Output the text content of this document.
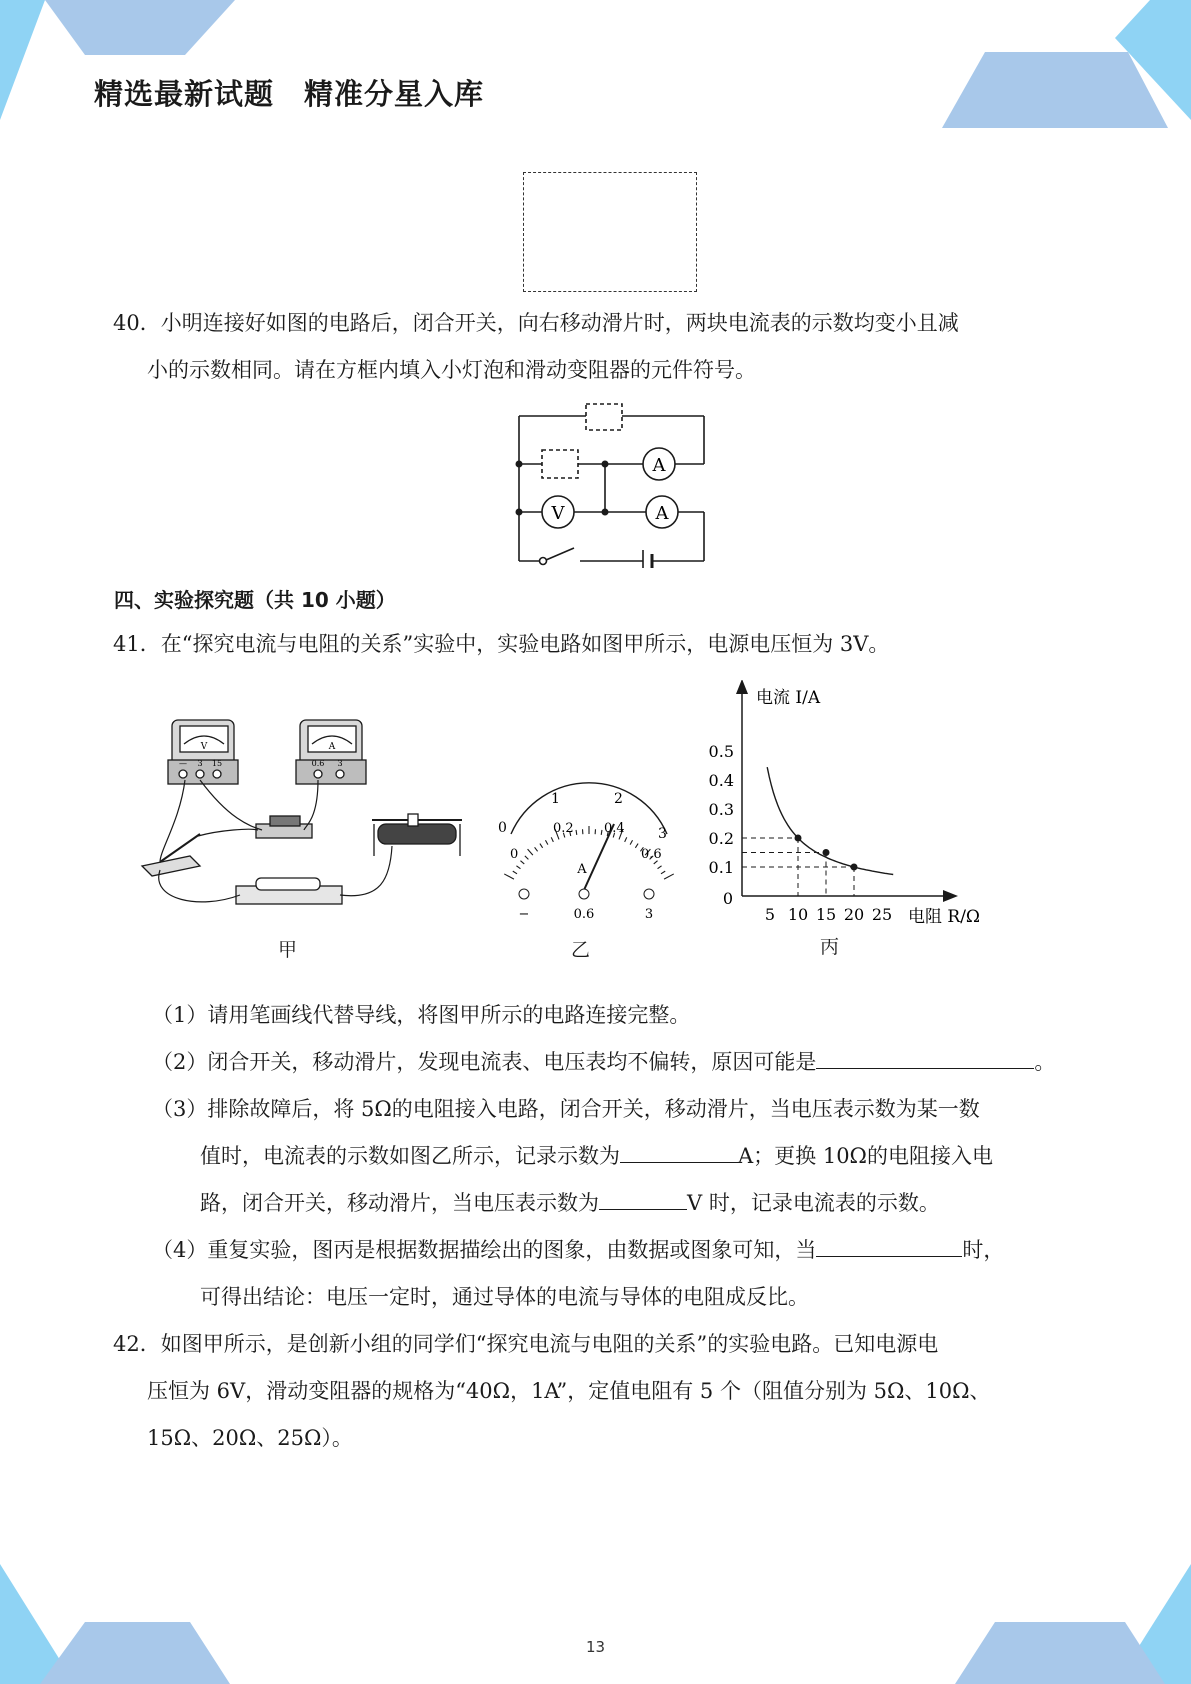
精选最新试题　精准分星入库
40．小明连接好如图的电路后，闭合开关，向右移动滑片时，两块电流表的示数均变小且减
小的示数相同。请在方框内填入小灯泡和滑动变阻器的元件符号。
A
A
V
四、实验探究题（共 10 小题）
41．在“探究电流与电阻的关系”实验中，实验电路如图甲所示，电源电压恒为 3V。
V
— 3 15
A
0.6 3
甲
0
1	2
3
0
0.2 0.4
0.6
A
−	0.6	3
乙
0
5 10 15 20 25
0.1
0.2
0.3
0.4
0.5
电流 I/A
电阻 R/Ω
丙
（1）请用笔画线代替导线，将图甲所示的电路连接完整。
（2）闭合开关，移动滑片，发现电流表、电压表均不偏转，原因可能是	。
（3）排除故障后，将 5Ω的电阻接入电路，闭合开关，移动滑片，当电压表示数为某一数
值时，电流表的示数如图乙所示，记录示数为	A；更换 10Ω的电阻接入电
路，闭合开关，移动滑片，当电压表示数为	V 时，记录电流表的示数。
（4）重复实验，图丙是根据数据描绘出的图象，由数据或图象可知，当	时，
可得出结论：电压一定时，通过导体的电流与导体的电阻成反比。
42．如图甲所示，是创新小组的同学们“探究电流与电阻的关系”的实验电路。已知电源电
压恒为 6V，滑动变阻器的规格为“40Ω，1A”，定值电阻有 5 个（阻值分别为 5Ω、10Ω、
15Ω、20Ω、25Ω）。
13
